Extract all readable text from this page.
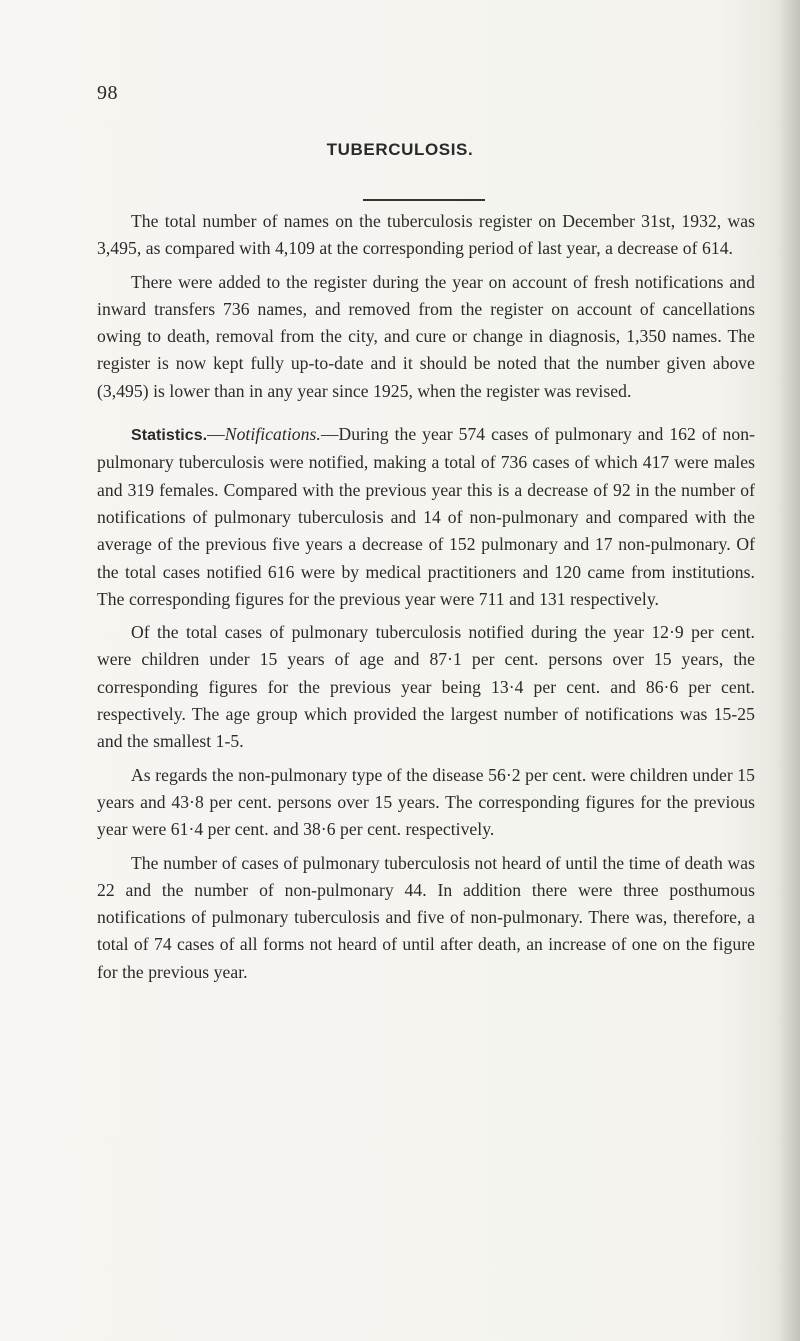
98
TUBERCULOSIS.

The total number of names on the tuberculosis register on December 31st, 1932, was 3,495, as compared with 4,109 at the corresponding period of last year, a decrease of 614.

There were added to the register during the year on account of fresh notifications and inward transfers 736 names, and removed from the register on account of cancellations owing to death, removal from the city, and cure or change in diagnosis, 1,350 names. The register is now kept fully up-to-date and it should be noted that the number given above (3,495) is lower than in any year since 1925, when the register was revised.

Statistics.—Notifications.—During the year 574 cases of pulmonary and 162 of non-pulmonary tuberculosis were notified, making a total of 736 cases of which 417 were males and 319 females. Compared with the previous year this is a decrease of 92 in the number of notifications of pulmonary tuberculosis and 14 of non-pulmonary and compared with the average of the previous five years a decrease of 152 pulmonary and 17 non-pulmonary. Of the total cases notified 616 were by medical practitioners and 120 came from institutions. The corresponding figures for the previous year were 711 and 131 respectively.

Of the total cases of pulmonary tuberculosis notified during the year 12·9 per cent. were children under 15 years of age and 87·1 per cent. persons over 15 years, the corresponding figures for the previous year being 13·4 per cent. and 86·6 per cent. respectively. The age group which provided the largest number of notifications was 15-25 and the smallest 1-5.

As regards the non-pulmonary type of the disease 56·2 per cent. were children under 15 years and 43·8 per cent. persons over 15 years. The corresponding figures for the previous year were 61·4 per cent. and 38·6 per cent. respectively.

The number of cases of pulmonary tuberculosis not heard of until the time of death was 22 and the number of non-pulmonary 44. In addition there were three posthumous notifications of pulmonary tuberculosis and five of non-pulmonary. There was, therefore, a total of 74 cases of all forms not heard of until after death, an increase of one on the figure for the previous year.
